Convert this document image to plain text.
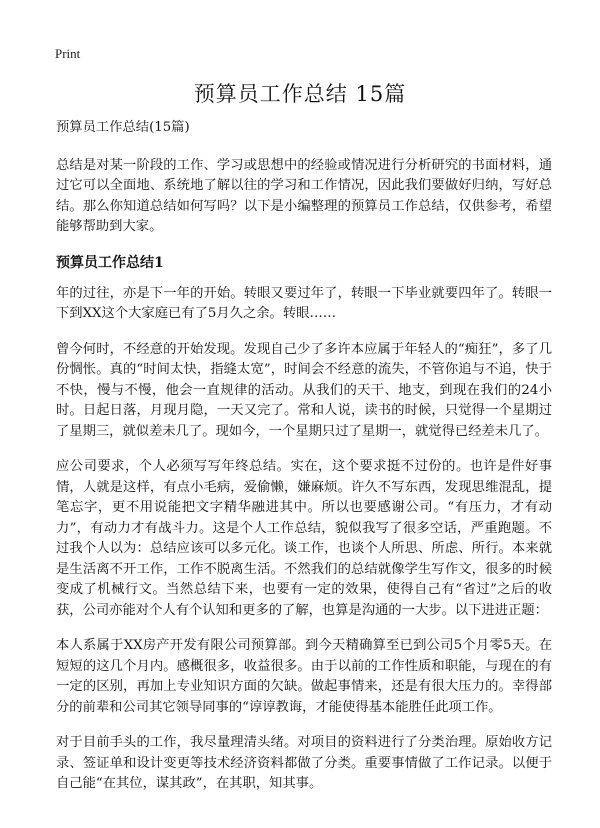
Print
预算员工作总结 15篇

预算员工作总结(15篇)

总结是对某一阶段的工作、学习或思想中的经验或情况进行分析研究的书面材料，通过它可以全面地、系统地了解以往的学习和工作情况，因此我们要做好归纳，写好总结。那么你知道总结如何写吗？以下是小编整理的预算员工作总结，仅供参考，希望能够帮助到大家。

预算员工作总结1

年的过往，亦是下一年的开始。转眼又要过年了，转眼一下毕业就要四年了。转眼一下到XX这个大家庭已有了5月久之余。转眼……

曾今何时，不经意的开始发现。发现自己少了多许本应属于年轻人的“痴狂”，多了几份惆怅。真的“时间太快，指缝太宽”，时间会不经意的流失，不管你追与不追，快于不快，慢与不慢，他会一直规律的活动。从我们的天干、地支，到现在我们的24小时。日起日落，月现月隐，一天又完了。常和人说，读书的时候，只觉得一个星期过了星期三，就似差未几了。现如今，一个星期只过了星期一，就觉得已经差未几了。

应公司要求，个人必须写写年终总结。实在，这个要求挺不过份的。也许是件好事情，人就是这样，有点小毛病，爱偷懒，嫌麻烦。许久不写东西，发现思维混乱，提笔忘字，更不用说能把文字精华融进其中。所以也要感谢公司。“有压力，才有动力”，有动力才有战斗力。这是个人工作总结，貌似我写了很多空话，严重跑题。不过我个人以为：总结应该可以多元化。谈工作，也谈个人所思、所虑、所行。本来就是生活离不开工作，工作不脱离生活。不然我们的总结就像学生写作文，很多的时候变成了机械行文。当然总结下来，也要有一定的效果，使得自己有“省过”之后的收获，公司亦能对个人有个认知和更多的了解，也算是沟通的一大步。以下进进正题：

本人系属于XX房产开发有限公司预算部。到今天精确算至已到公司5个月零5天。在短短的这几个月内。感概很多，收益很多。由于以前的工作性质和职能，与现在的有一定的区别，再加上专业知识方面的欠缺。做起事情来，还是有很大压力的。幸得部分的前辈和公司其它领导同事的“谆谆教诲，才能使得基本能胜任此项工作。

对于目前手头的工作，我尽量理清头绪。对项目的资料进行了分类治理。原始收方记录、签证单和设计变更等技术经济资料都做了分类。重要事情做了工作记录。以便于自己能“在其位，谋其政”，在其职，知其事。
